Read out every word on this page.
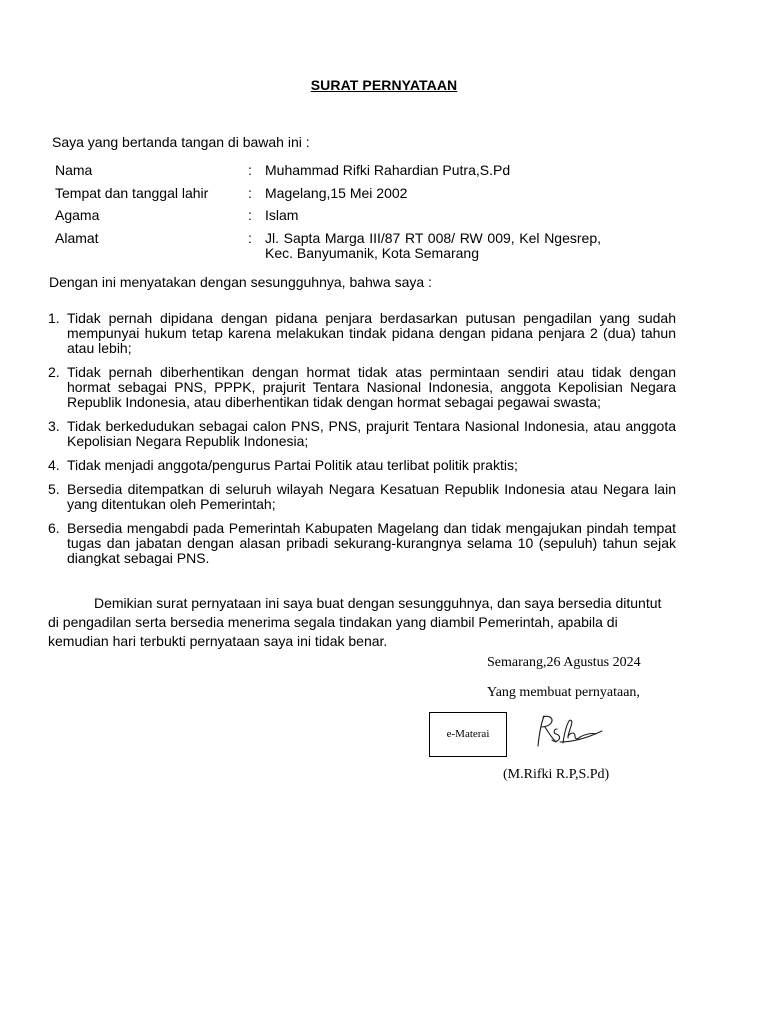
SURAT PERNYATAAN
Saya yang bertanda tangan di bawah ini :
Nama	: Muhammad Rifki Rahardian Putra,S.Pd
Tempat dan tanggal lahir	: Magelang,15 Mei 2002
Agama	: Islam
Alamat	: Jl. Sapta Marga III/87 RT 008/ RW 009, Kel Ngesrep, Kec. Banyumanik, Kota Semarang
Dengan ini menyatakan dengan sesungguhnya, bahwa saya :
1. Tidak pernah dipidana dengan pidana penjara berdasarkan putusan pengadilan yang sudah mempunyai hukum tetap karena melakukan tindak pidana dengan pidana penjara 2 (dua) tahun atau lebih;
2. Tidak pernah diberhentikan dengan hormat tidak atas permintaan sendiri atau tidak dengan hormat sebagai PNS, PPPK, prajurit Tentara Nasional Indonesia, anggota Kepolisian Negara Republik Indonesia, atau diberhentikan tidak dengan hormat sebagai pegawai swasta;
3. Tidak berkedudukan sebagai calon PNS, PNS, prajurit Tentara Nasional Indonesia, atau anggota Kepolisian Negara Republik Indonesia;
4. Tidak menjadi anggota/pengurus Partai Politik atau terlibat politik praktis;
5. Bersedia ditempatkan di seluruh wilayah Negara Kesatuan Republik Indonesia atau Negara lain yang ditentukan oleh Pemerintah;
6. Bersedia mengabdi pada Pemerintah Kabupaten Magelang dan tidak mengajukan pindah tempat tugas dan jabatan dengan alasan pribadi sekurang-kurangnya selama 10 (sepuluh) tahun sejak diangkat sebagai PNS.
Demikian surat pernyataan ini saya buat dengan sesungguhnya, dan saya bersedia dituntut di pengadilan serta bersedia menerima segala tindakan yang diambil Pemerintah, apabila di kemudian hari terbukti pernyataan saya ini tidak benar.
Semarang,26 Agustus 2024
Yang membuat pernyataan,
e-Materai
(M.Rifki R.P,S.Pd)
